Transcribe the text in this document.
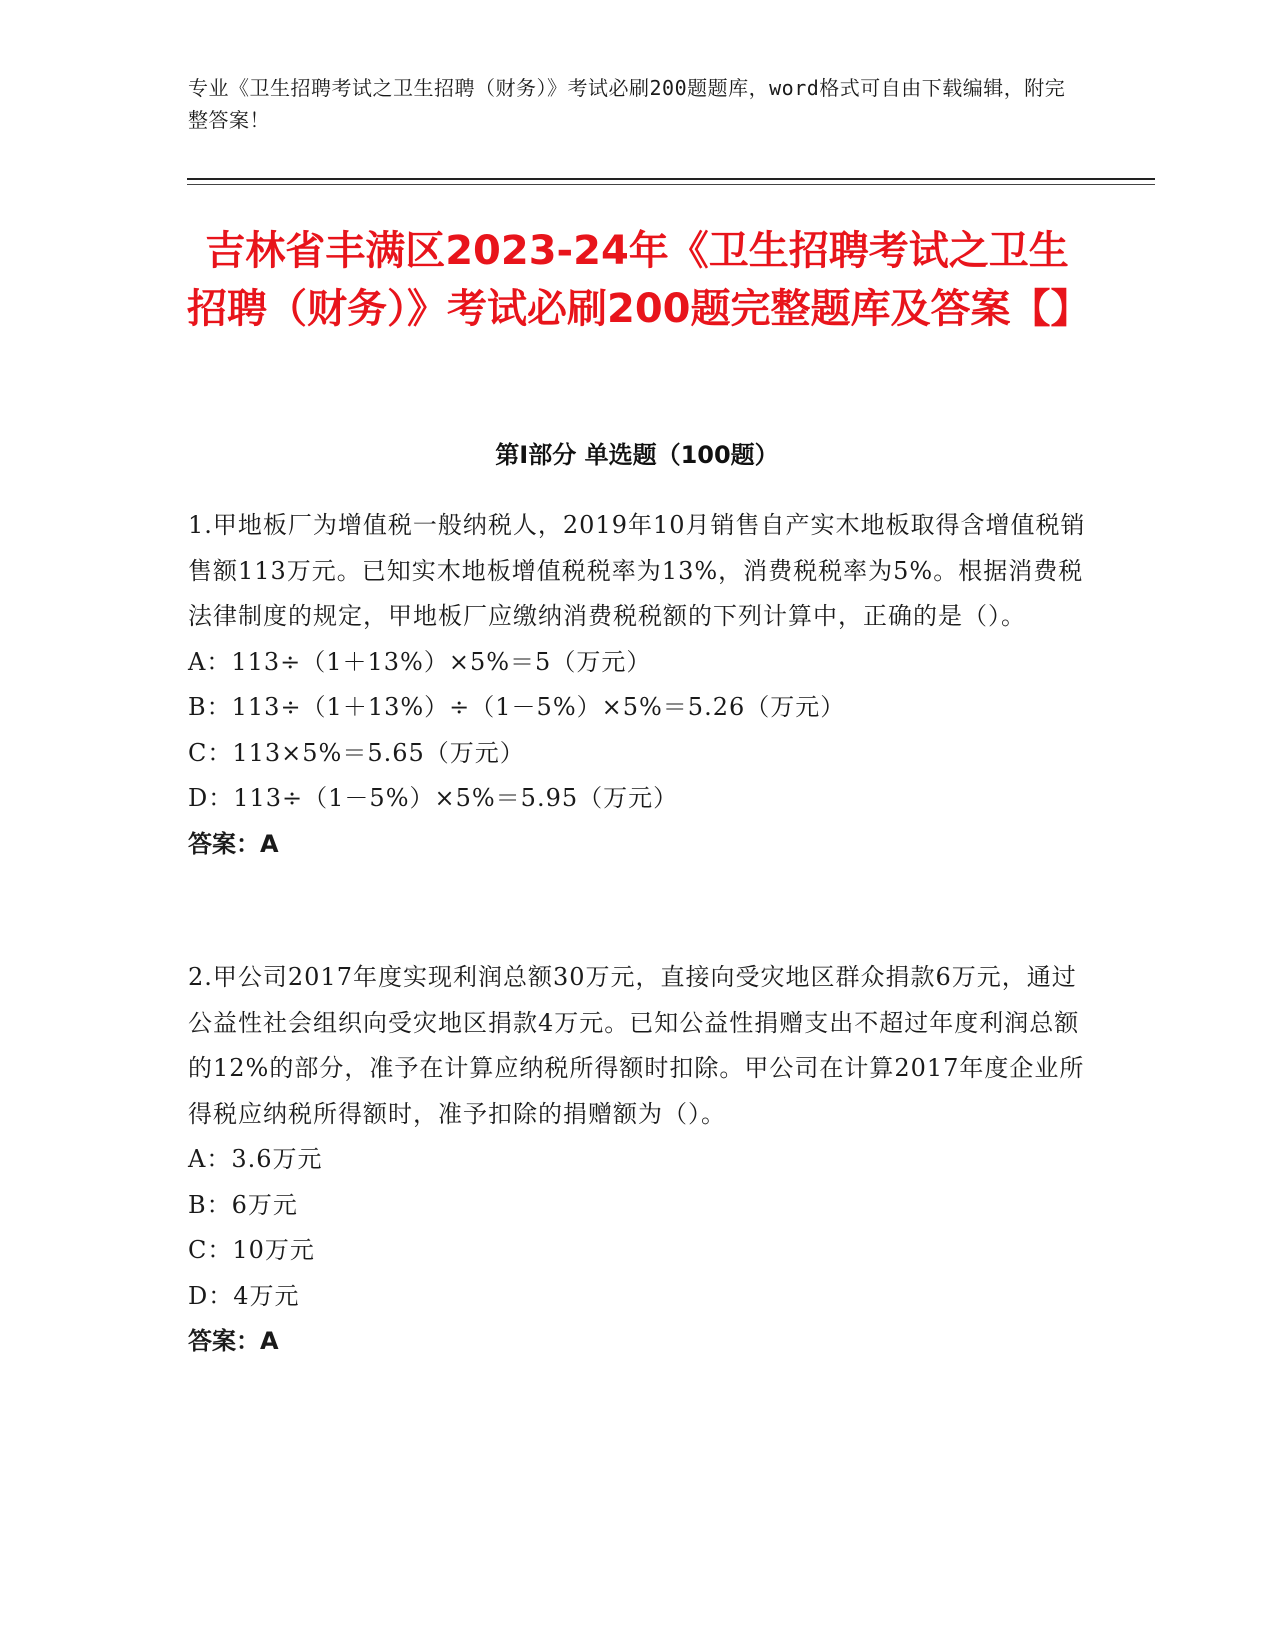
专业《卫生招聘考试之卫生招聘（财务）》考试必刷200题题库，word格式可自由下载编辑，附完整答案！
吉林省丰满区2023-24年《卫生招聘考试之卫生招聘（财务）》考试必刷200题完整题库及答案【】
第I部分 单选题（100题）

1.甲地板厂为增值税一般纳税人，2019年10月销售自产实木地板取得含增值税销售额113万元。已知实木地板增值税税率为13%，消费税税率为5%。根据消费税法律制度的规定，甲地板厂应缴纳消费税税额的下列计算中，正确的是（）。

A：113÷（1＋13%）×5%＝5（万元）

B：113÷（1＋13%）÷（1－5%）×5%＝5.26（万元）

C：113×5%＝5.65（万元）

D：113÷（1－5%）×5%＝5.95（万元）

答案：A

2.甲公司2017年度实现利润总额30万元，直接向受灾地区群众捐款6万元，通过公益性社会组织向受灾地区捐款4万元。已知公益性捐赠支出不超过年度利润总额的12%的部分，准予在计算应纳税所得额时扣除。甲公司在计算2017年度企业所得税应纳税所得额时，准予扣除的捐赠额为（）。

A：3.6万元

B：6万元

C：10万元

D：4万元

答案：A
